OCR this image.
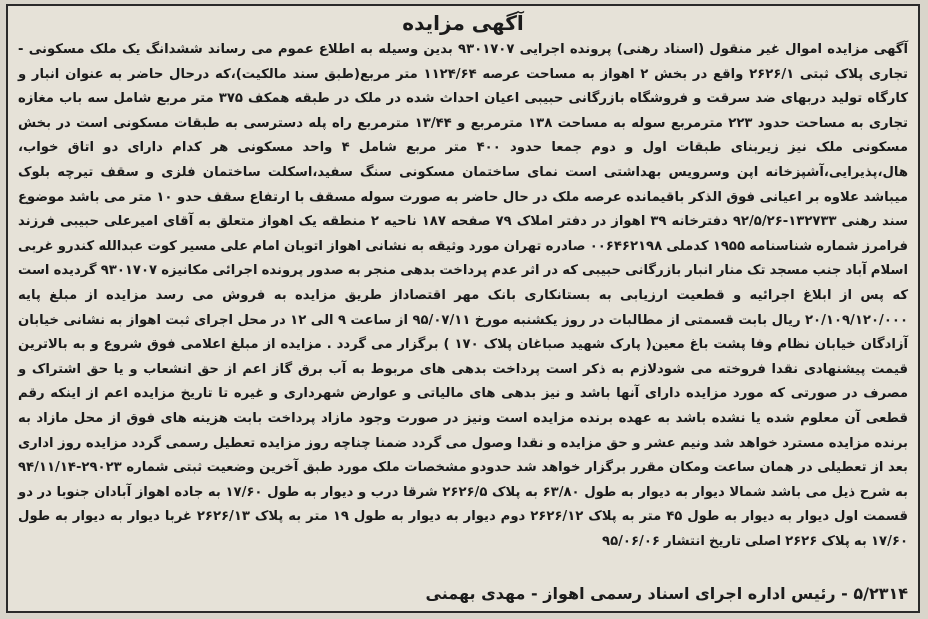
آگهی مزایده

آگهی مزایده اموال غیر منقول (اسناد رهنی) پرونده اجرایی ۹۳۰۱۷۰۷ بدین وسیله به اطلاع عموم می رساند ششدانگ یک ملک مسکونی - تجاری پلاک ثبتی ۲۶۲۶/۱ واقع در بخش ۲ اهواز به مساحت عرصه ۱۱۲۴/۶۴ متر مربع(طبق سند مالکیت)،که درحال حاضر به عنوان انبار و کارگاه تولید دربهای ضد سرقت و فروشگاه بازرگانی حبیبی اعیان احداث شده در ملک در طبقه همکف ۳۷۵ متر مربع شامل سه باب مغازه تجاری به مساحت حدود ۲۲۳ مترمربع سوله به مساحت ۱۳۸ مترمربع و ۱۳/۴۴ مترمربع راه پله دسترسی به طبقات مسکونی است در بخش مسکونی ملک نیز زیربنای طبقات اول و دوم جمعا حدود ۴۰۰ متر مربع شامل ۴ واحد مسکونی هر کدام دارای دو اتاق خواب، هال،پذیرایی،آشپزخانه اپن وسرویس بهداشتی است نمای ساختمان مسکونی سنگ سفید،اسکلت ساختمان فلزی و سقف تیرچه بلوک میباشد علاوه بر اعیانی فوق الذکر باقیمانده عرصه ملک در حال حاضر به صورت سوله مسقف با ارتفاع سقف حدو ۱۰ متر می باشد موضوع سند رهنی ۱۳۲۷۳۳-۹۲/۵/۲۶ دفترخانه ۳۹ اهواز در دفتر املاک ۷۹ صفحه ۱۸۷ ناحیه ۲ منطقه یک اهواز متعلق به آقای امیرعلی حبیبی فرزند فرامرز شماره شناسنامه ۱۹۵۵ کدملی ۰۰۶۴۶۲۱۹۸ صادره تهران مورد وثیقه به نشانی اهواز اتوبان امام علی مسیر کوت عبدالله کندرو غربی اسلام آباد جنب مسجد تک منار انبار بازرگانی حبیبی که در اثر عدم پرداخت بدهی منجر به صدور پرونده اجرائی مکانیزه ۹۳۰۱۷۰۷ گردیده است که پس از ابلاغ اجرائیه و قطعیت ارزیابی به بستانکاری بانک مهر اقتصاداز طریق مزایده به فروش می رسد مزایده از مبلغ پایه ۲۰/۱۰۹/۱۲۰/۰۰۰ ریال بابت قسمتی از مطالبات در روز یکشنبه مورخ ۹۵/۰۷/۱۱ از ساعت ۹ الی ۱۲ در محل اجرای ثبت اهواز به نشانی خیابان آزادگان خیابان نظام وفا پشت باغ معین( پارک شهید صباغان پلاک ۱۷۰ ) برگزار می گردد . مزایده از مبلغ اعلامی فوق شروع و به بالاترین قیمت پیشنهادی نقدا فروخته می شودلازم به ذکر است پرداخت بدهی های مربوط به آب برق گاز اعم از حق انشعاب و یا حق اشتراک و مصرف در صورتی که مورد مزایده دارای آنها باشد و نیز بدهی های مالیاتی و عوارض شهرداری و غیره تا تاریخ مزایده اعم از اینکه رقم قطعی آن معلوم شده یا نشده باشد به عهده برنده مزایده است ونیز در صورت وجود مازاد پرداخت بابت هزینه های فوق از محل مازاد به برنده مزایده مسترد خواهد شد ونیم عشر و حق مزایده و نقدا وصول می گردد ضمنا چناچه روز مزایده تعطیل رسمی گردد مزایده روز اداری بعد از تعطیلی در همان ساعت ومکان مقرر برگزار خواهد شد حدودو مشخصات ملک مورد طبق آخرین وضعیت ثبتی شماره ۲۹۰۲۳-۹۴/۱۱/۱۴ به شرح ذیل می باشد شمالا دیوار به دیوار به طول ۶۳/۸۰ به پلاک ۲۶۲۶/۵ شرقا درب و دیوار به طول ۱۷/۶۰ به جاده اهواز آبادان جنوبا در دو قسمت اول دیوار به دیوار به طول ۴۵ متر به پلاک ۲۶۲۶/۱۲ دوم دیوار به دیوار به طول ۱۹ متر به پلاک ۲۶۲۶/۱۳ غربا دیوار به دیوار به طول ۱۷/۶۰ به پلاک ۲۶۲۶ اصلی تاریخ انتشار ۹۵/۰۶/۰۶

۵/۲۳۱۴ - رئیس اداره اجرای اسناد رسمی اهواز - مهدی بهمنی
